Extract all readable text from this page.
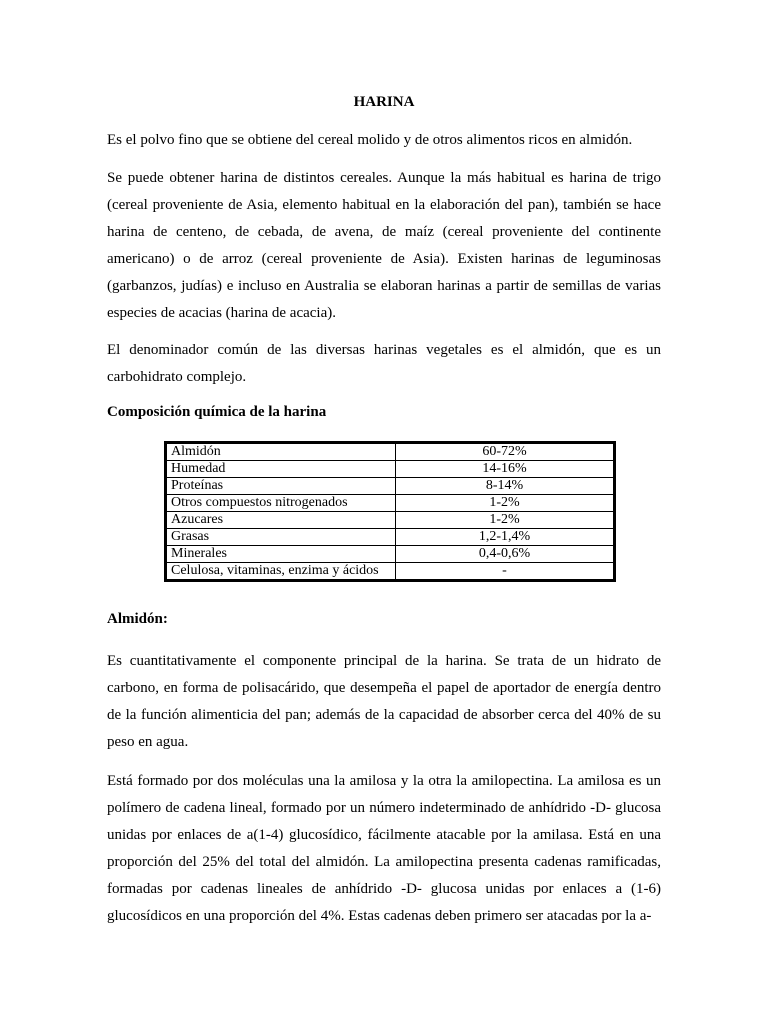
HARINA

Es el polvo fino que se obtiene del cereal molido y de otros alimentos ricos en almidón.

Se puede obtener harina de distintos cereales. Aunque la más habitual es harina de trigo (cereal proveniente de Asia, elemento habitual en la elaboración del pan), también se hace harina de centeno, de cebada, de avena, de maíz (cereal proveniente del continente americano) o de arroz (cereal proveniente de Asia). Existen harinas de leguminosas (garbanzos, judías) e incluso en Australia se elaboran harinas a partir de semillas de varias especies de acacias (harina de acacia).

El denominador común de las diversas harinas vegetales es el almidón, que es un carbohidrato complejo.

Composición química de la harina
Almidón	60-72%
Humedad	14-16%
Proteínas	8-14%
Otros compuestos nitrogenados	1-2%
Azucares	1-2%
Grasas	1,2-1,4%
Minerales	0,4-0,6%
Celulosa, vitaminas, enzima y ácidos	-
Almidón:

Es cuantitativamente el componente principal de la harina. Se trata de un hidrato de carbono, en forma de polisacárido, que desempeña el papel de aportador de energía dentro de la función alimenticia del pan; además de la capacidad de absorber cerca del 40% de su peso en agua.

Está formado por dos moléculas una la amilosa y la otra la amilopectina. La amilosa es un polímero de cadena lineal, formado por un número indeterminado de anhídrido -D- glucosa unidas por enlaces de a(1-4) glucosídico, fácilmente atacable por la amilasa. Está en una proporción del 25% del total del almidón. La amilopectina presenta cadenas ramificadas, formadas por cadenas lineales de anhídrido -D- glucosa unidas por enlaces a (1-6) glucosídicos en una proporción del 4%. Estas cadenas deben primero ser atacadas por la a-
